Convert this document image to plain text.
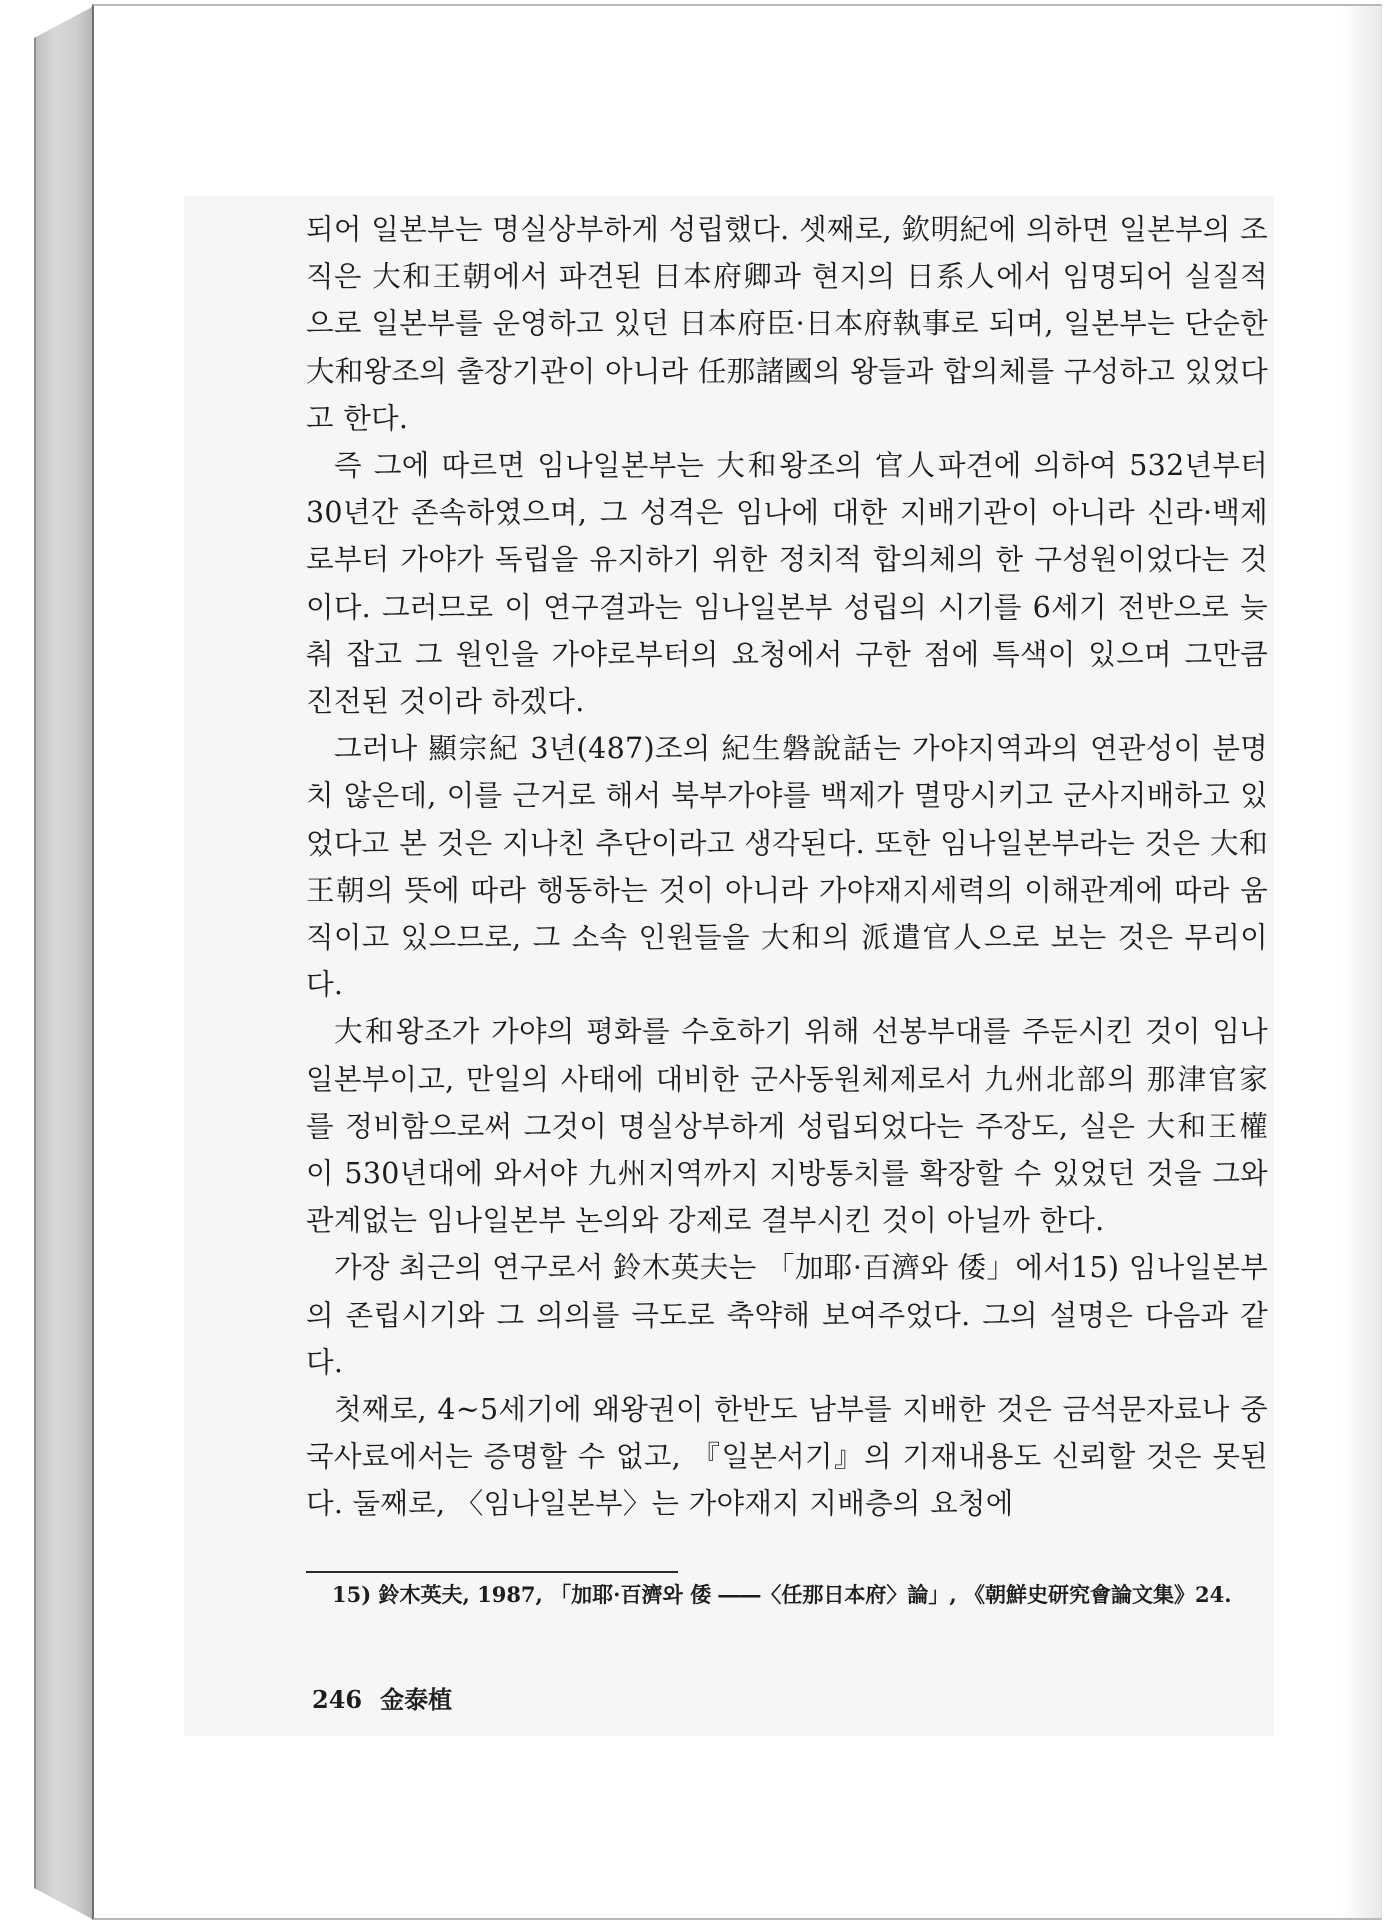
되어 일본부는 명실상부하게 성립했다. 셋째로, 欽明紀에 의하면 일본부의 조직은 大和王朝에서 파견된 日本府卿과 현지의 日系人에서 임명되어 실질적으로 일본부를 운영하고 있던 日本府臣·日本府執事로 되며, 일본부는 단순한 大和왕조의 출장기관이 아니라 任那諸國의 왕들과 합의체를 구성하고 있었다고 한다.

즉 그에 따르면 임나일본부는 大和왕조의 官人파견에 의하여 532년부터 30년간 존속하였으며, 그 성격은 임나에 대한 지배기관이 아니라 신라·백제로부터 가야가 독립을 유지하기 위한 정치적 합의체의 한 구성원이었다는 것이다. 그러므로 이 연구결과는 임나일본부 성립의 시기를 6세기 전반으로 늦춰 잡고 그 원인을 가야로부터의 요청에서 구한 점에 특색이 있으며 그만큼 진전된 것이라 하겠다.

그러나 顯宗紀 3년(487)조의 紀生磐說話는 가야지역과의 연관성이 분명치 않은데, 이를 근거로 해서 북부가야를 백제가 멸망시키고 군사지배하고 있었다고 본 것은 지나친 추단이라고 생각된다. 또한 임나일본부라는 것은 大和王朝의 뜻에 따라 행동하는 것이 아니라 가야재지세력의 이해관계에 따라 움직이고 있으므로, 그 소속 인원들을 大和의 派遣官人으로 보는 것은 무리이다.

大和왕조가 가야의 평화를 수호하기 위해 선봉부대를 주둔시킨 것이 임나일본부이고, 만일의 사태에 대비한 군사동원체제로서 九州北部의 那津官家를 정비함으로써 그것이 명실상부하게 성립되었다는 주장도, 실은 大和王權이 530년대에 와서야 九州지역까지 지방통치를 확장할 수 있었던 것을 그와 관계없는 임나일본부 논의와 강제로 결부시킨 것이 아닐까 한다.

가장 최근의 연구로서 鈴木英夫는 「加耶·百濟와 倭」에서15) 임나일본부의 존립시기와 그 의의를 극도로 축약해 보여주었다. 그의 설명은 다음과 같다.

첫째로, 4~5세기에 왜왕권이 한반도 남부를 지배한 것은 금석문자료나 중국사료에서는 증명할 수 없고, 『일본서기』의 기재내용도 신뢰할 것은 못된다. 둘째로, 〈임나일본부〉는 가야재지 지배층의 요청에

15) 鈴木英夫, 1987, 「加耶·百濟와 倭 ――〈任那日本府〉論」, 《朝鮮史研究會論文集》24.
246 金泰植
